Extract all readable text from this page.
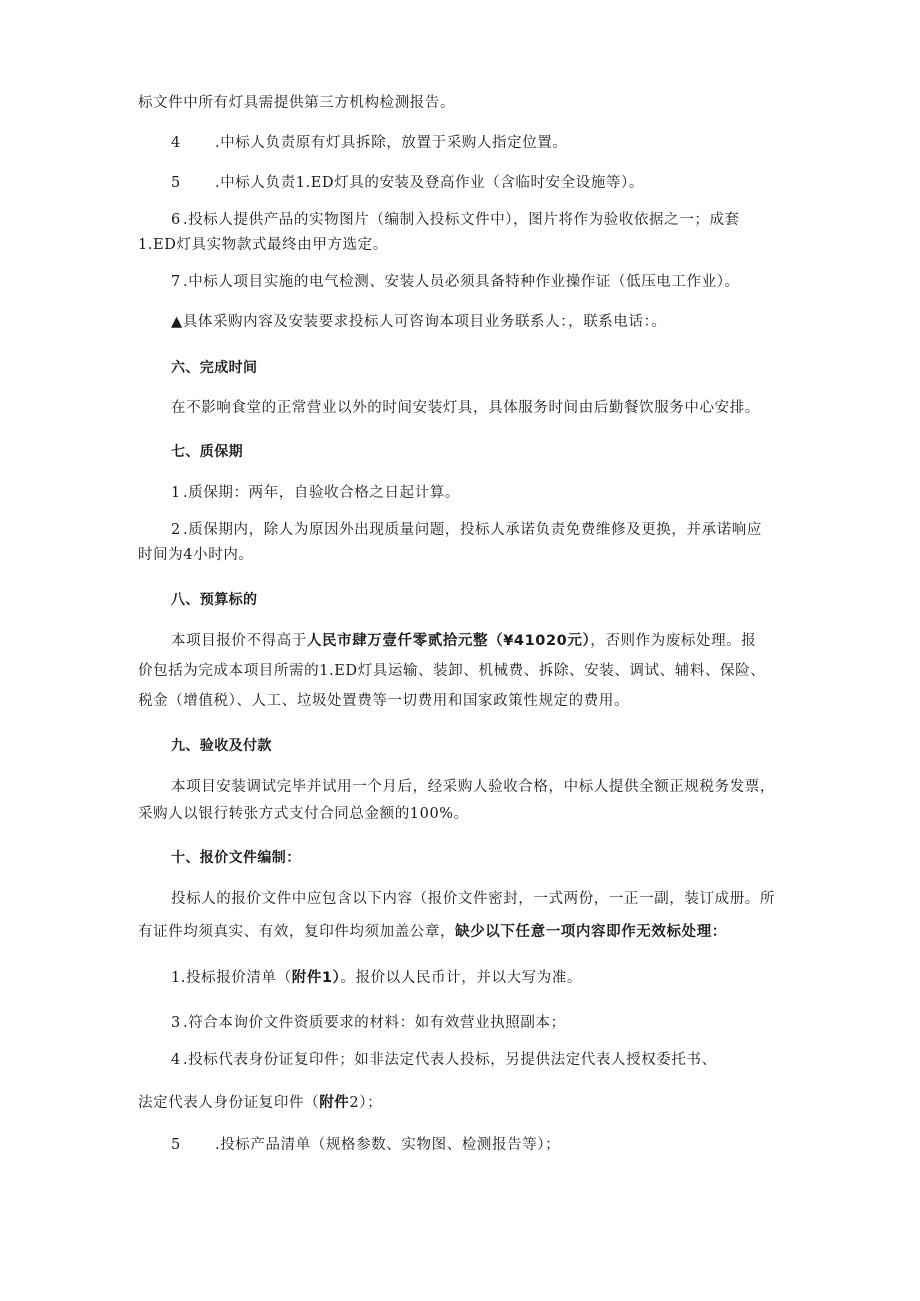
标文件中所有灯具需提供第三方机构检测报告。
4 .中标人负责原有灯具拆除，放置于采购人指定位置。
5 .中标人负责1.ED灯具的安装及登高作业（含临时安全设施等）。
6 .投标人提供产品的实物图片（编制入投标文件中），图片将作为验收依据之一；成套
1.ED灯具实物款式最终由甲方选定。
7 .中标人项目实施的电气检测、安装人员必须具备特种作业操作证（低压电工作业）。
▲具体采购内容及安装要求投标人可咨询本项目业务联系人：，联系电话：。
六、完成时间
在不影响食堂的正常营业以外的时间安装灯具，具体服务时间由后勤餐饮服务中心安排。
七、质保期
1 .质保期：两年，自验收合格之日起计算。
2 .质保期内，除人为原因外出现质量问题，投标人承诺负责免费维修及更换，并承诺响应
时间为4小时内。
八、预算标的
本项目报价不得高于人民市肆万壹仟零贰拾元整（¥41020元），否则作为废标处理。报
价包括为完成本项目所需的1.ED灯具运输、装卸、机械费、拆除、安装、调试、辅料、保险、
税金（增值税）、人工、垃圾处置费等一切费用和国家政策性规定的费用。
九、验收及付款
本项目安装调试完毕并试用一个月后，经采购人验收合格，中标人提供全额正规税务发票，
采购人以银行转张方式支付合同总金额的100%。
十、报价文件编制：
投标人的报价文件中应包含以下内容（报价文件密封，一式两份，一正一副，装订成册。所
有证件均须真实、有效，复印件均须加盖公章，缺少以下任意一项内容即作无效标处理：
1.投标报价清单（附件1）。报价以人民币计，并以大写为准。
3 .符合本询价文件资质要求的材料：如有效营业执照副本；
4 .投标代表身份证复印件；如非法定代表人投标，另提供法定代表人授权委托书、
法定代表人身份证复印件（附件2）；
5 .投标产品清单（规格参数、实物图、检测报告等）；
